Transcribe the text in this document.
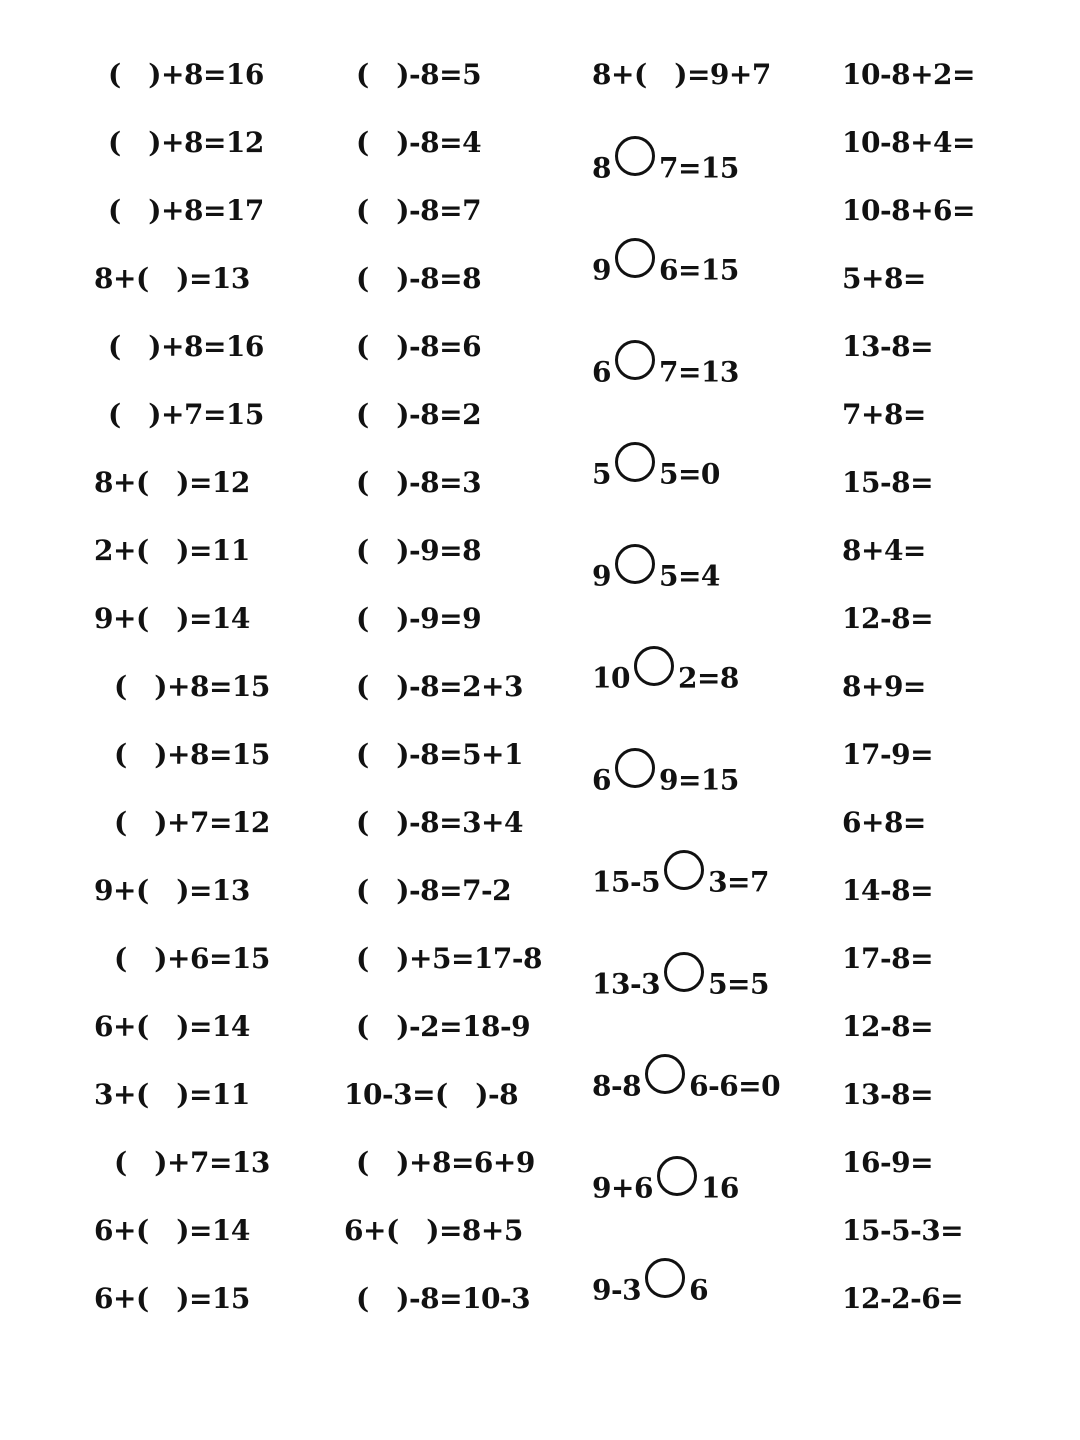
(  )+8=16
(  )+8=12
(  )+8=17
8+(  )=13
(  )+8=16
(  )+7=15
8+(  )=12
2+(  )=11
9+(  )=14
(  )+8=15
(  )+8=15
(  )+7=12
9+(  )=13
(  )+6=15
6+(  )=14
3+(  )=11
(  )+7=13
6+(  )=14
6+(  )=15
(  )-8=5
(  )-8=4
(  )-8=7
(  )-8=8
(  )-8=6
(  )-8=2
(  )-8=3
(  )-9=8
(  )-9=9
(  )-8=2+3
(  )-8=5+1
(  )-8=3+4
(  )-8=7-2
(  )+5=17-8
(  )-2=18-9
10-3=(  )-8
(  )+8=6+9
6+(  )=8+5
(  )-8=10-3
8+(  )=9+7
8 7=15
9 6=15
6 7=13
5 5=0
9 5=4
10 2=8
6 9=15
15-5 3=7
13-3 5=5
8-8 6-6=0
9+6 16
9-3 6
10-8+2=
10-8+4=
10-8+6=
5+8=
13-8=
7+8=
15-8=
8+4=
12-8=
8+9=
17-9=
6+8=
14-8=
17-8=
12-8=
13-8=
16-9=
15-5-3=
12-2-6=
